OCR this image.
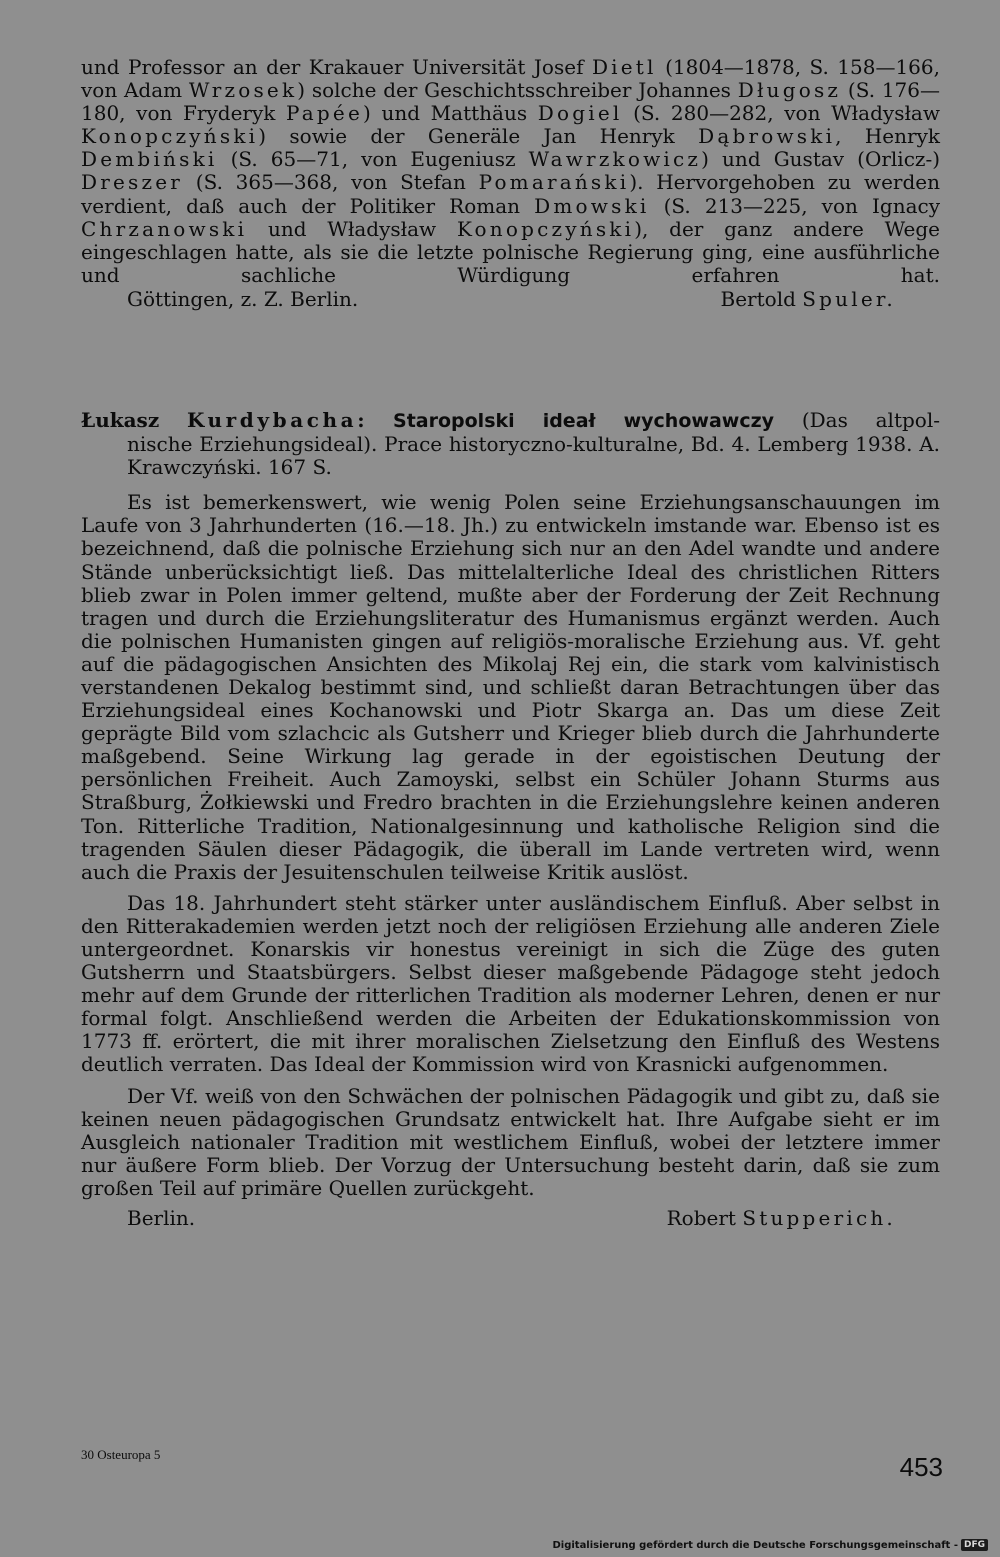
und Professor an der Krakauer Universität Josef Dietl (1804—1878, S. 158—166, von Adam Wrzosek) solche der Geschichtsschreiber Johannes Długosz (S. 176—180, von Fryderyk Papée) und Matthäus Dogiel (S. 280—282, von Władysław Konopczyński) sowie der Generäle Jan Henryk Dąbrowski, Henryk Dembiński (S. 65—71, von Eugeniusz Wawrzkowicz) und Gustav (Orlicz-) Dreszer (S. 365—368, von Stefan Pomarański). Hervorgehoben zu werden verdient, daß auch der Politiker Roman Dmowski (S. 213—225, von Ignacy Chrzanowski und Władysław Konopczyński), der ganz andere Wege eingeschlagen hatte, als sie die letzte polnische Regierung ging, eine ausführliche und sachliche Würdigung erfahren hat.

Göttingen, z. Z. Berlin.	Bertold Spuler.

Łukasz Kurdybacha: Staropolski ideał wychowawczy (Das altpol-

nische Erziehungsideal). Prace historyczno-kulturalne, Bd. 4. Lemberg 1938. A. Krawczyński. 167 S.

Es ist bemerkenswert, wie wenig Polen seine Erziehungsanschauungen im Laufe von 3 Jahrhunderten (16.—18. Jh.) zu entwickeln imstande war. Ebenso ist es bezeichnend, daß die polnische Erziehung sich nur an den Adel wandte und andere Stände unberücksichtigt ließ. Das mittelalterliche Ideal des christlichen Ritters blieb zwar in Polen immer geltend, mußte aber der Forderung der Zeit Rechnung tragen und durch die Erziehungsliteratur des Humanismus ergänzt werden. Auch die polnischen Humanisten gingen auf religiös-moralische Erziehung aus. Vf. geht auf die pädagogischen Ansichten des Mikolaj Rej ein, die stark vom kalvinistisch verstandenen Dekalog bestimmt sind, und schließt daran Betrachtungen über das Erziehungsideal eines Kochanowski und Piotr Skarga an. Das um diese Zeit geprägte Bild vom szlachcic als Gutsherr und Krieger blieb durch die Jahrhunderte maßgebend. Seine Wirkung lag gerade in der egoistischen Deutung der persönlichen Freiheit. Auch Zamoyski, selbst ein Schüler Johann Sturms aus Straßburg, Żołkiewski und Fredro brachten in die Erziehungslehre keinen anderen Ton. Ritterliche Tradition, Nationalgesinnung und katholische Religion sind die tragenden Säulen dieser Pädagogik, die überall im Lande vertreten wird, wenn auch die Praxis der Jesuitenschulen teilweise Kritik auslöst.

Das 18. Jahrhundert steht stärker unter ausländischem Einfluß. Aber selbst in den Ritterakademien werden jetzt noch der religiösen Erziehung alle anderen Ziele untergeordnet. Konarskis vir honestus vereinigt in sich die Züge des guten Gutsherrn und Staatsbürgers. Selbst dieser maßgebende Pädagoge steht jedoch mehr auf dem Grunde der ritterlichen Tradition als moderner Lehren, denen er nur formal folgt. Anschließend werden die Arbeiten der Edukationskommission von 1773 ff. erörtert, die mit ihrer moralischen Zielsetzung den Einfluß des Westens deutlich verraten. Das Ideal der Kommission wird von Krasnicki aufgenommen.

Der Vf. weiß von den Schwächen der polnischen Pädagogik und gibt zu, daß sie keinen neuen pädagogischen Grundsatz entwickelt hat. Ihre Aufgabe sieht er im Ausgleich nationaler Tradition mit westlichem Einfluß, wobei der letztere immer nur äußere Form blieb. Der Vorzug der Untersuchung besteht darin, daß sie zum großen Teil auf primäre Quellen zurückgeht.

Berlin.	Robert Stupperich.
30 Osteuropa 5	453
Digitalisierung gefördert durch die Deutsche Forschungsgemeinschaft - DFG
